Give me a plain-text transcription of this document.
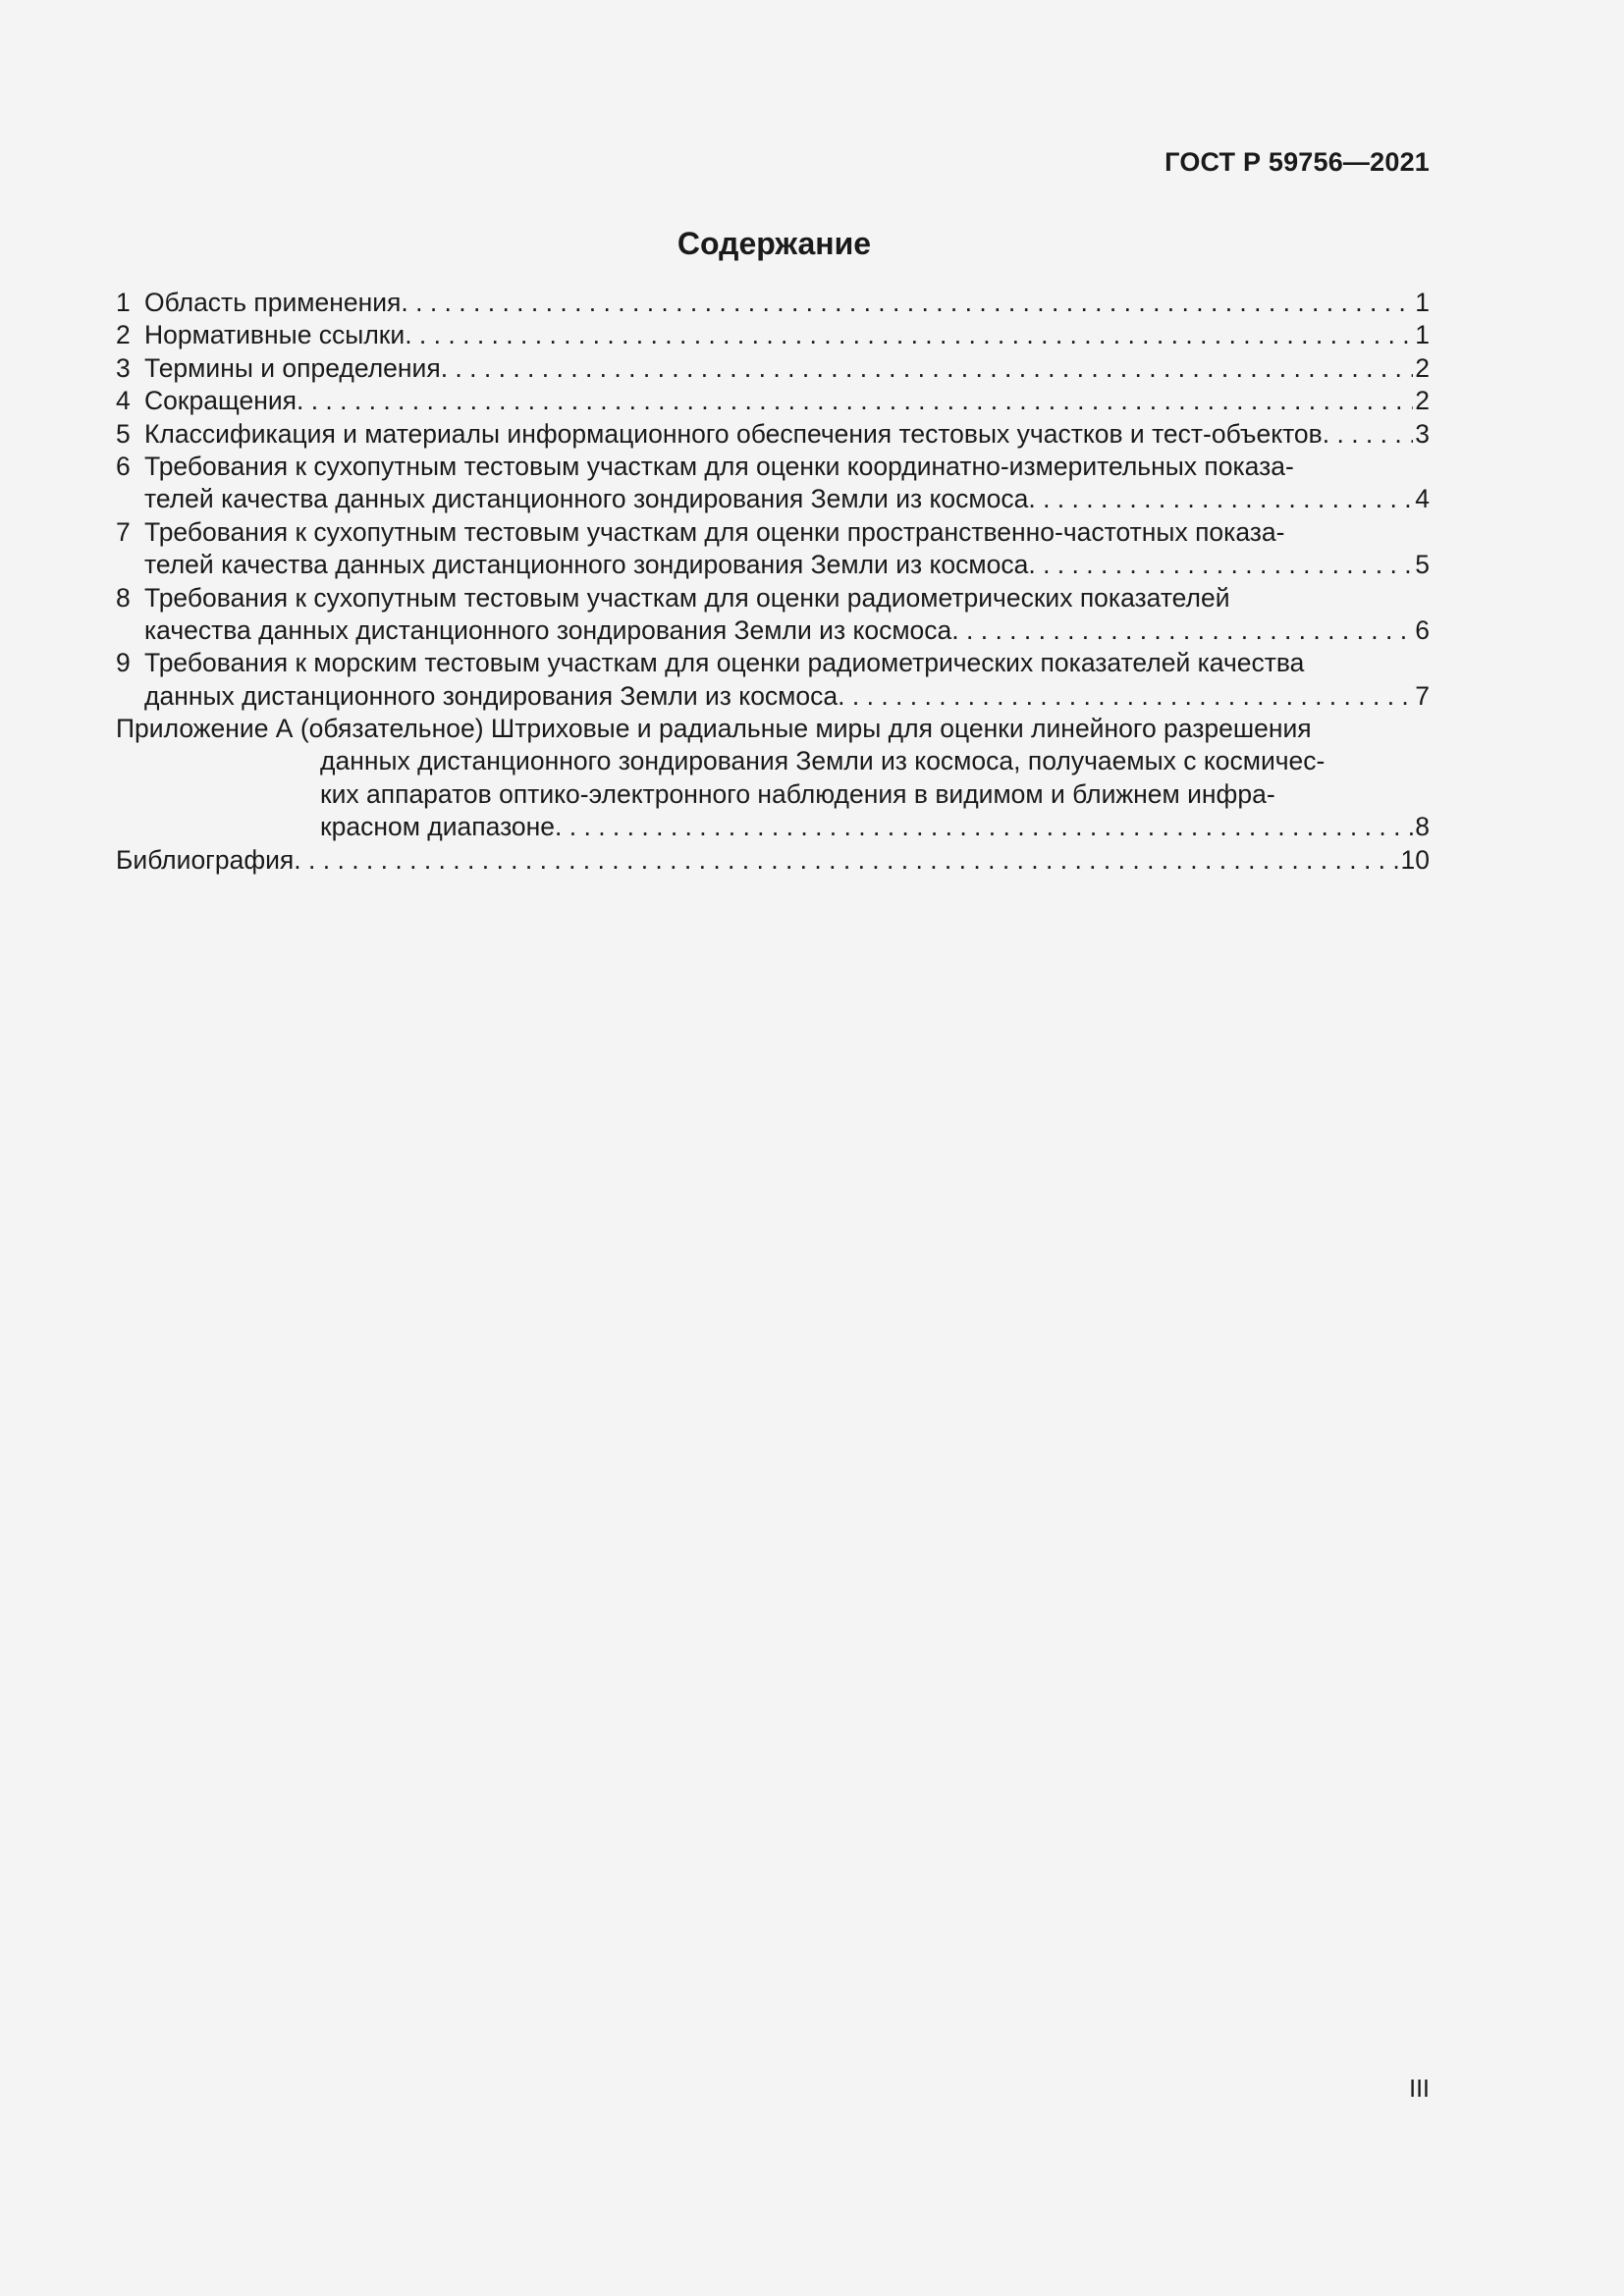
ГОСТ Р 59756—2021
Содержание
1 Область применения . . .	1
2 Нормативные ссылки . . .	1
3 Термины и определения . . .	2
4 Сокращения . . .	2
5 Классификация и материалы информационного обеспечения тестовых участков и тест-объектов . . .	3
6 Требования к сухопутным тестовым участкам для оценки координатно-измерительных показа-
телей качества данных дистанционного зондирования Земли из космоса . . .	4
7 Требования к сухопутным тестовым участкам для оценки пространственно-частотных показа-
телей качества данных дистанционного зондирования Земли из космоса . . .	5
8 Требования к сухопутным тестовым участкам для оценки радиометрических показателей
качества данных дистанционного зондирования Земли из космоса . . .	6
9 Требования к морским тестовым участкам для оценки радиометрических показателей качества
данных дистанционного зондирования Земли из космоса . . .	7
Приложение А (обязательное) Штриховые и радиальные миры для оценки линейного разрешения
данных дистанционного зондирования Земли из космоса, получаемых с космичес-
ких аппаратов оптико-электронного наблюдения в видимом и ближнем инфра-
красном диапазоне . . .	8
Библиография . . .	10
III
